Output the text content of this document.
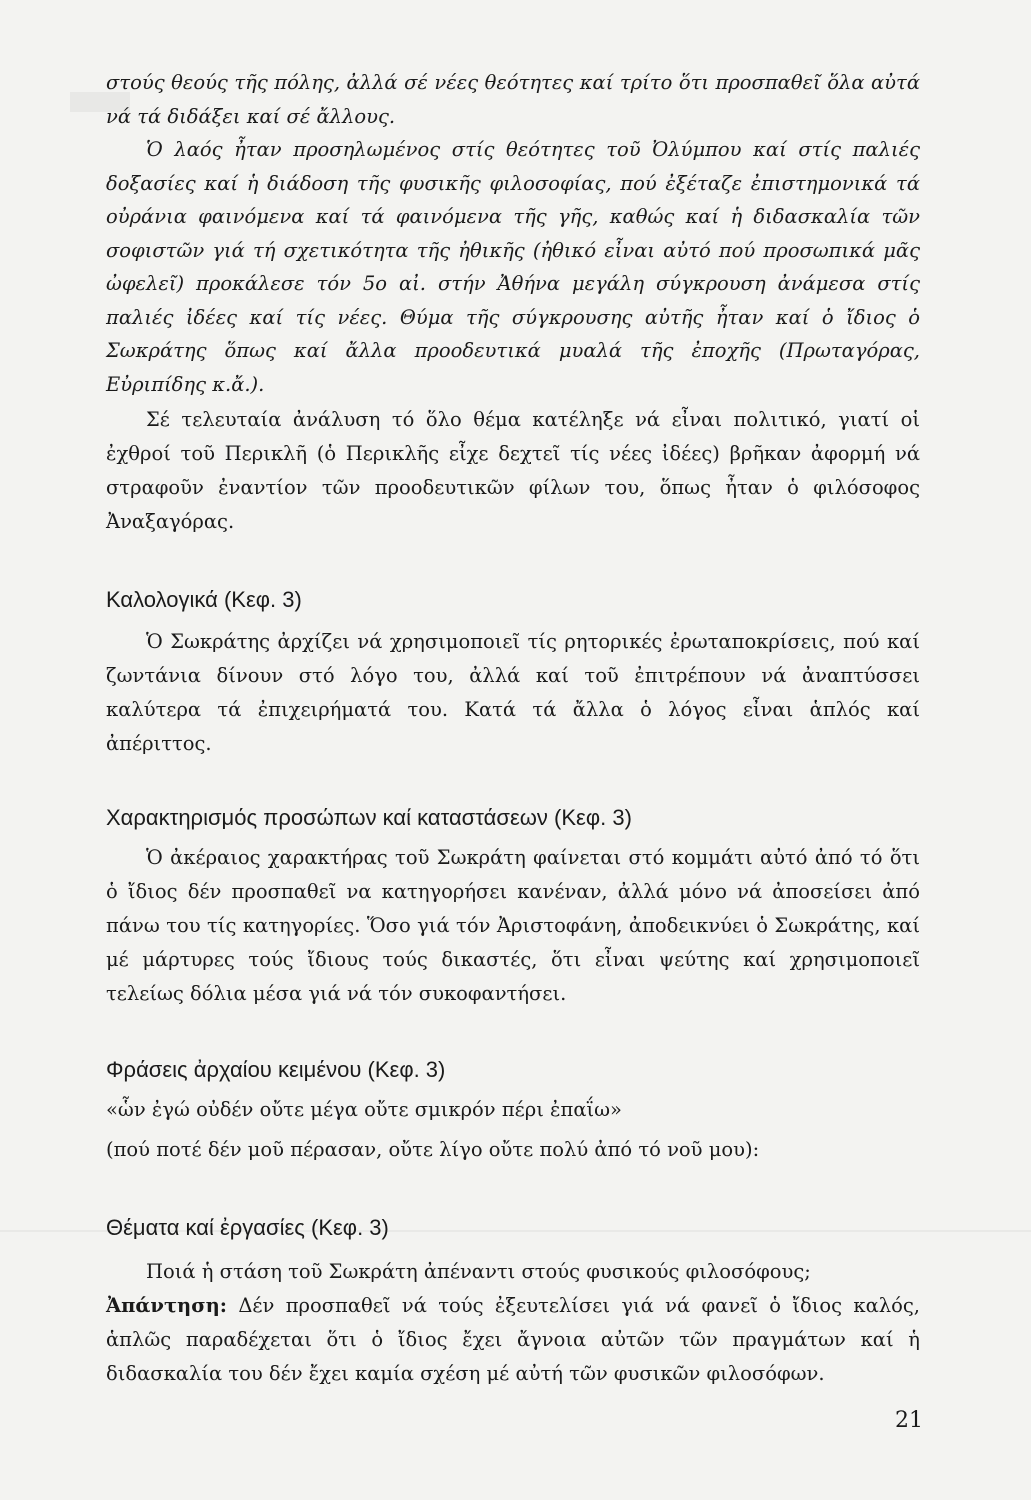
στούς θεούς τῆς πόλης, ἀλλά σέ νέες θεότητες καί τρίτο ὅτι προσπαθεῖ ὅλα αὐτά νά τά διδάξει καί σέ ἄλλους.

Ὁ λαός ἦταν προσηλωμένος στίς θεότητες τοῦ Ὀλύμπου καί στίς παλιές δοξασίες καί ἡ διάδοση τῆς φυσικῆς φιλοσοφίας, πού ἐξέταζε ἐπιστημονικά τά οὐράνια φαινόμενα καί τά φαινόμενα τῆς γῆς, καθώς καί ἡ διδασκαλία τῶν σοφιστῶν γιά τή σχετικότητα τῆς ἠθικῆς (ἠθικό εἶναι αὐτό πού προσωπικά μᾶς ὠφελεῖ) προκάλεσε τόν 5ο αἰ. στήν Ἀθήνα μεγάλη σύγκρουση ἀνάμεσα στίς παλιές ἰδέες καί τίς νέες. Θύμα τῆς σύγκρουσης αὐτῆς ἦταν καί ὁ ἴδιος ὁ Σωκράτης ὅπως καί ἄλλα προοδευτικά μυαλά τῆς ἐποχῆς (Πρωταγόρας, Εὐριπίδης κ.ἄ.).

Σέ τελευταία ἀνάλυση τό ὅλο θέμα κατέληξε νά εἶναι πολιτικό, γιατί οἱ ἐχθροί τοῦ Περικλῆ (ὁ Περικλῆς εἶχε δεχτεῖ τίς νέες ἰδέες) βρῆκαν ἀφορμή νά στραφοῦν ἐναντίον τῶν προοδευτικῶν φίλων του, ὅπως ἦταν ὁ φιλόσοφος Ἀναξαγόρας.

Καλολογικά (Κεφ. 3)

Ὁ Σωκράτης ἀρχίζει νά χρησιμοποιεῖ τίς ρητορικές ἐρωταποκρίσεις, πού καί ζωντάνια δίνουν στό λόγο του, ἀλλά καί τοῦ ἐπιτρέπουν νά ἀναπτύσσει καλύτερα τά ἐπιχειρήματά του. Κατά τά ἄλλα ὁ λόγος εἶναι ἁπλός καί ἀπέριττος.

Χαρακτηρισμός προσώπων καί καταστάσεων (Κεφ. 3)

Ὁ ἀκέραιος χαρακτήρας τοῦ Σωκράτη φαίνεται στό κομμάτι αὐτό ἀπό τό ὅτι ὁ ἴδιος δέν προσπαθεῖ να κατηγορήσει κανέναν, ἀλλά μόνο νά ἀποσείσει ἀπό πάνω του τίς κατηγορίες. Ὅσο γιά τόν Ἀριστοφάνη, ἀποδεικνύει ὁ Σωκράτης, καί μέ μάρτυρες τούς ἴδιους τούς δικαστές, ὅτι εἶναι ψεύτης καί χρησιμοποιεῖ τελείως δόλια μέσα γιά νά τόν συκοφαντήσει.

Φράσεις ἀρχαίου κειμένου (Κεφ. 3)

«ὧν ἐγώ οὐδέν οὔτε μέγα οὔτε σμικρόν πέρι ἐπαΐω»

(πού ποτέ δέν μοῦ πέρασαν, οὔτε λίγο οὔτε πολύ ἀπό τό νοῦ μου):

Θέματα καί ἐργασίες (Κεφ. 3)

Ποιά ἡ στάση τοῦ Σωκράτη ἀπέναντι στούς φυσικούς φιλοσόφους;

Ἀπάντηση: Δέν προσπαθεῖ νά τούς ἐξευτελίσει γιά νά φανεῖ ὁ ἴδιος καλός, ἁπλῶς παραδέχεται ὅτι ὁ ἴδιος ἔχει ἄγνοια αὐτῶν τῶν πραγμάτων καί ἡ διδασκαλία του δέν ἔχει καμία σχέση μέ αὐτή τῶν φυσικῶν φιλοσόφων.

21
